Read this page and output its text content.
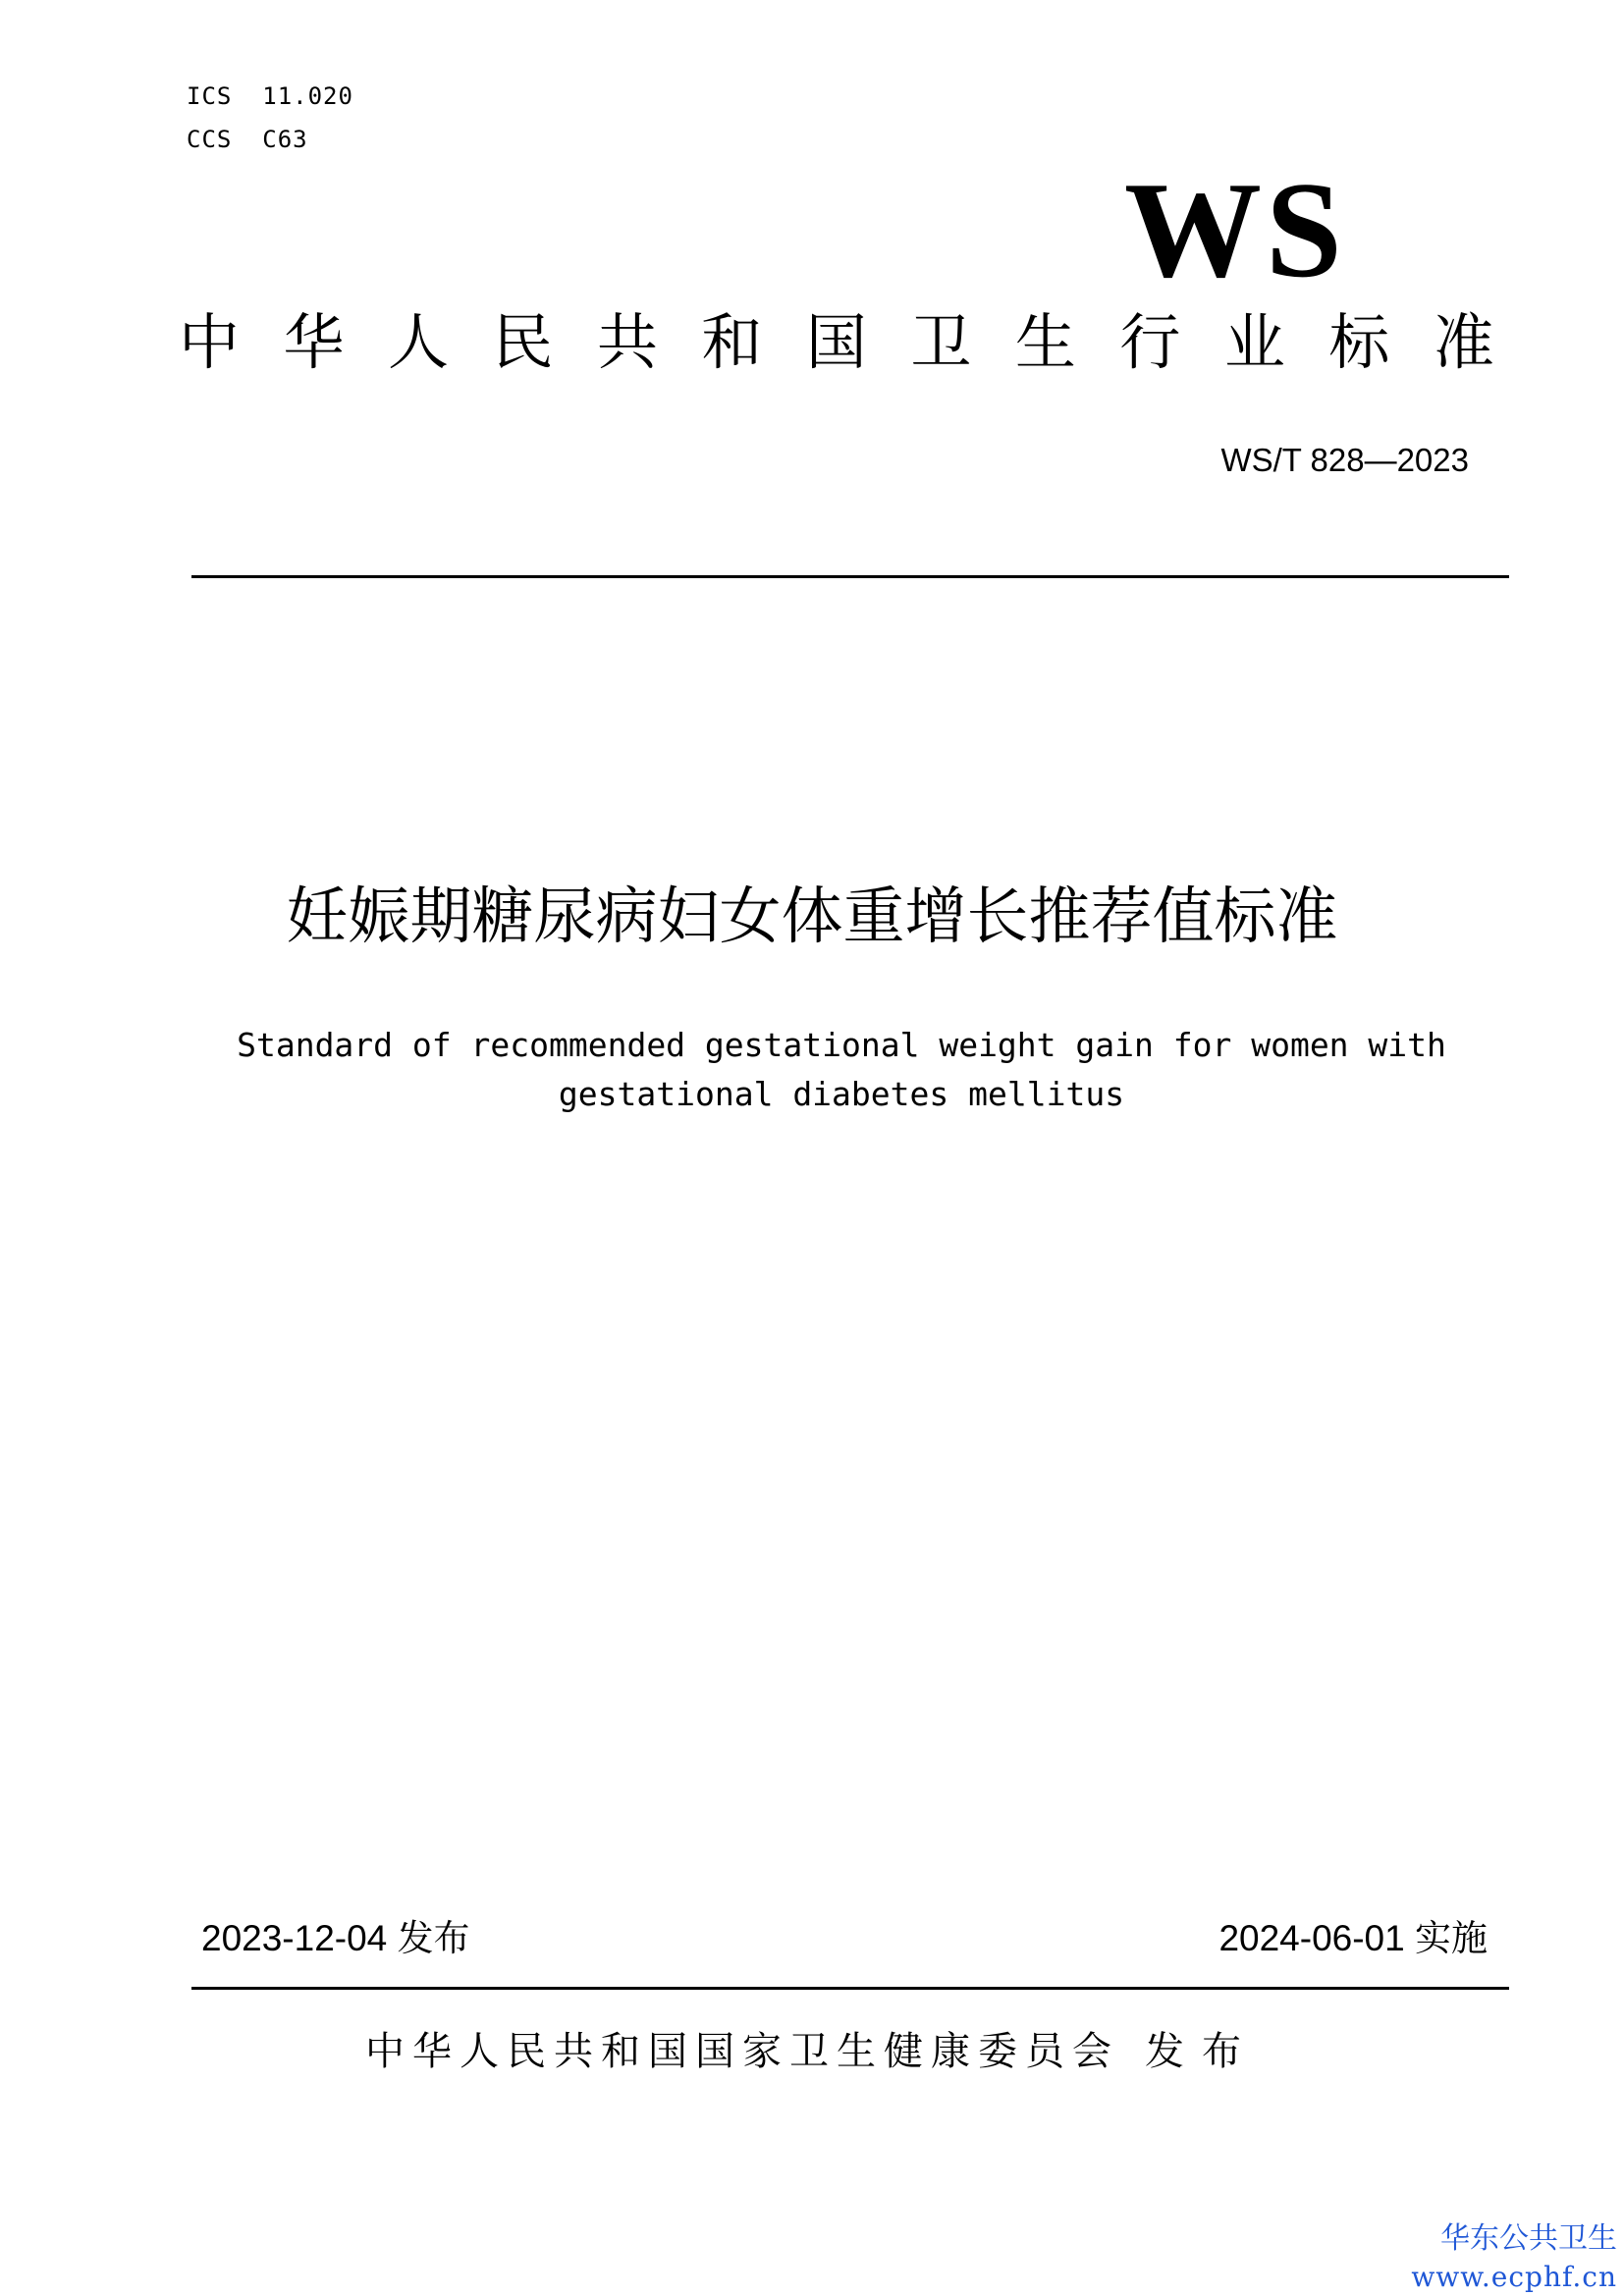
ICS  11.020
CCS  C63
WS
中 华 人 民 共 和 国 卫 生 行 业 标 准
WS/T 828—2023
妊娠期糖尿病妇女体重增长推荐值标准
Standard of recommended gestational weight gain for women with
gestational diabetes mellitus
2023-12-04 发布	2024-06-01 实施
中华人民共和国国家卫生健康委员会 发布
华东公共卫生
www.ecphf.cn
